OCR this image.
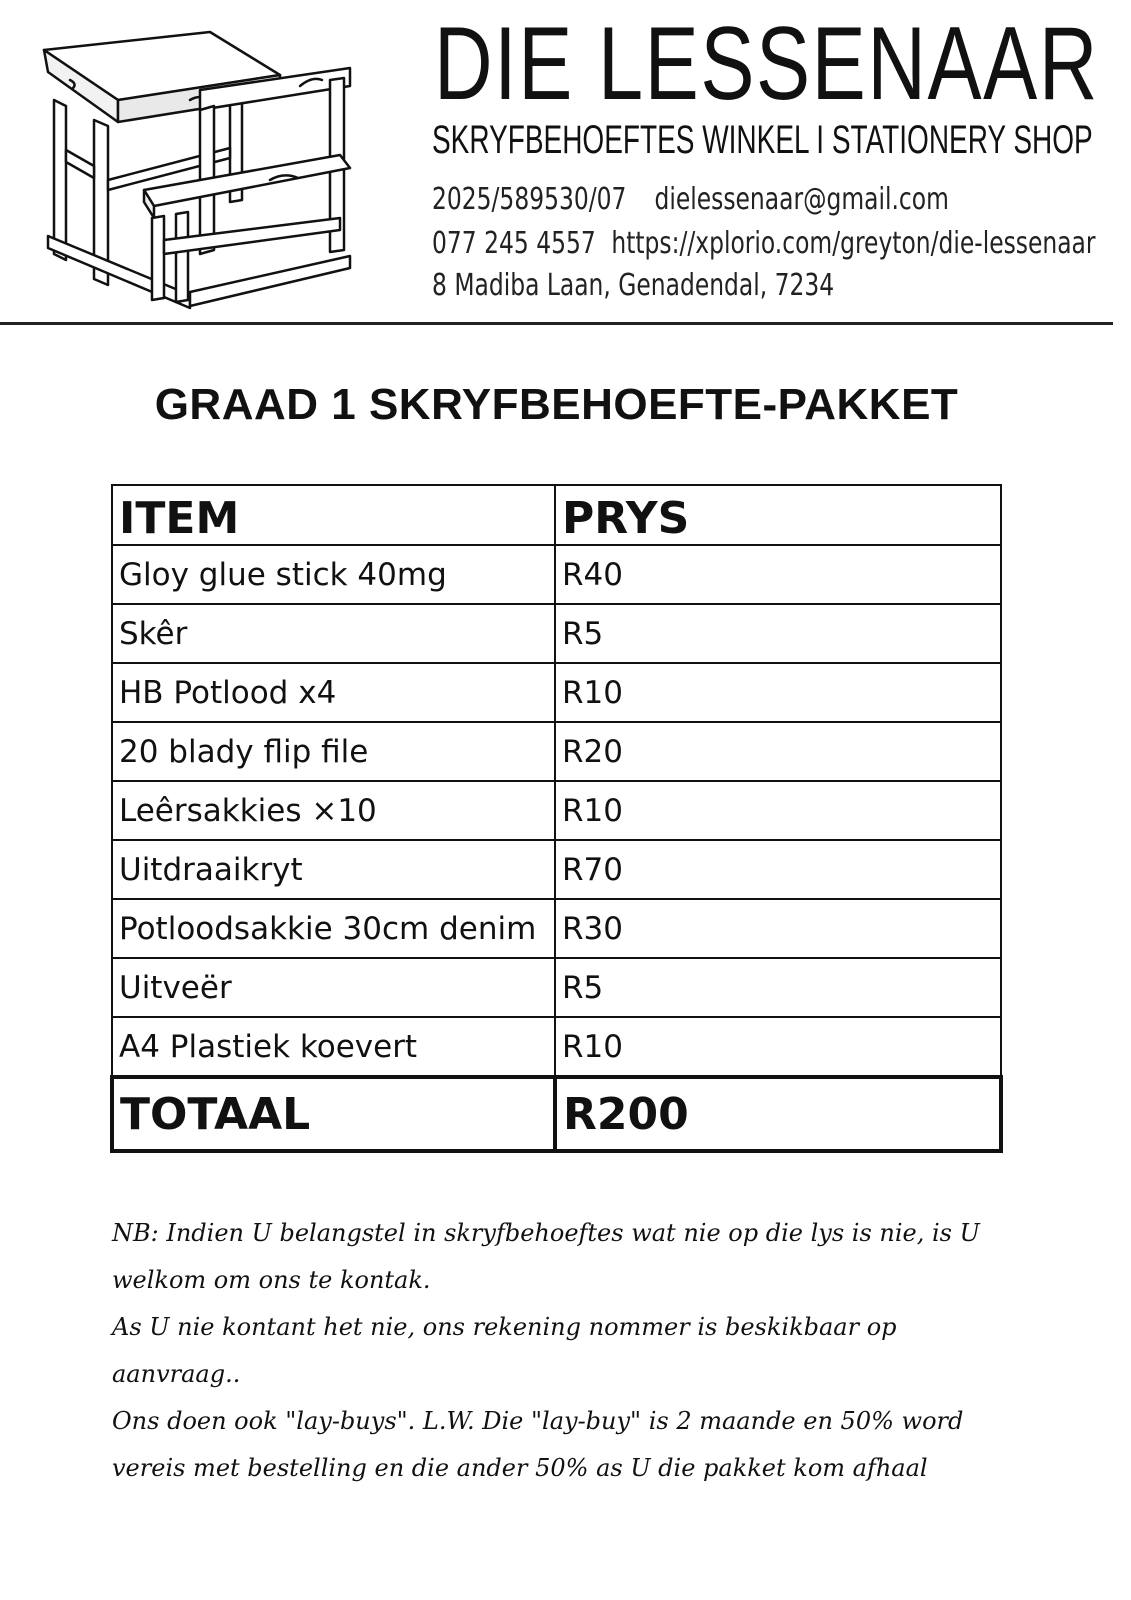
DIE LESSENAAR
SKRYFBEHOEFTES WINKEL I STATIONERY SHOP
2025/589530/07 dielessenaar@gmail.com
077 245 4557 https://xplorio.com/greyton/die-lessenaar
8 Madiba Laan, Genadendal, 7234
GRAAD 1 SKRYFBEHOEFTE-PAKKET
ITEM	PRYS
Gloy glue stick 40mg	R40
Skêr	R5
HB Potlood x4	R10
20 blady flip file	R20
Leêrsakkies ×10	R10
Uitdraaikryt	R70
Potloodsakkie 30cm denim	R30
Uitveër	R5
A4 Plastiek koevert	R10
TOTAAL	R200

NB: Indien U belangstel in skryfbehoeftes wat nie op die lys is nie, is U welkom om ons te kontak.

As U nie kontant het nie, ons rekening nommer is beskikbaar op aanvraag..

Ons doen ook "lay-buys". L.W. Die "lay-buy" is 2 maande en 50% word vereis met bestelling en die ander 50% as U die pakket kom afhaal
